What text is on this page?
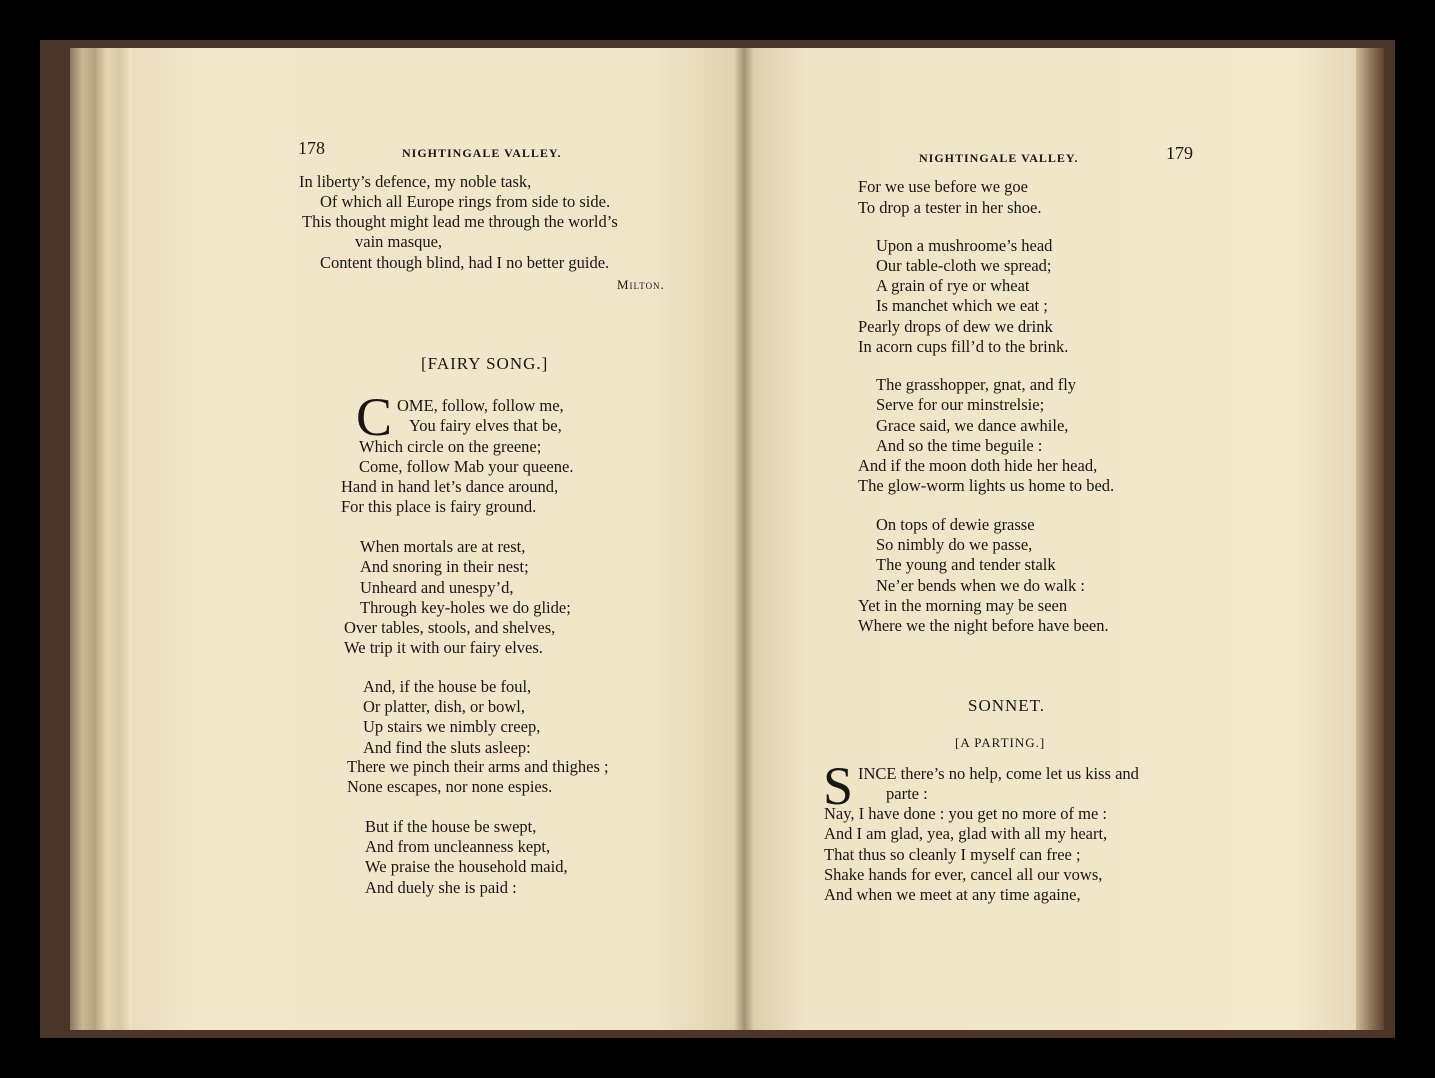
178	NIGHTINGALE VALLEY.
In liberty’s defence, my noble task,
Of which all Europe rings from side to side.
This thought might lead me through the world’s
vain masque,
Content though blind, had I no better guide.
Milton.
[FAIRY SONG.]
C OME, follow, follow me,
You fairy elves that be,
Which circle on the greene;
Come, follow Mab your queene.
Hand in hand let’s dance around,
For this place is fairy ground.
When mortals are at rest,
And snoring in their nest;
Unheard and unespy’d,
Through key-holes we do glide;
Over tables, stools, and shelves,
We trip it with our fairy elves.
And, if the house be foul,
Or platter, dish, or bowl,
Up stairs we nimbly creep,
And find the sluts asleep:
There we pinch their arms and thighes ;
None escapes, nor none espies.
But if the house be swept,
And from uncleanness kept,
We praise the household maid,
And duely she is paid :
NIGHTINGALE VALLEY.	179
For we use before we goe
To drop a tester in her shoe.
Upon a mushroome’s head
Our table-cloth we spread;
A grain of rye or wheat
Is manchet which we eat ;
Pearly drops of dew we drink
In acorn cups fill’d to the brink.
The grasshopper, gnat, and fly
Serve for our minstrelsie;
Grace said, we dance awhile,
And so the time beguile :
And if the moon doth hide her head,
The glow-worm lights us home to bed.
On tops of dewie grasse
So nimbly do we passe,
The young and tender stalk
Ne’er bends when we do walk :
Yet in the morning may be seen
Where we the night before have been.
SONNET.
[A PARTING.]
S INCE there’s no help, come let us kiss and
parte :
Nay, I have done : you get no more of me :
And I am glad, yea, glad with all my heart,
That thus so cleanly I myself can free ;
Shake hands for ever, cancel all our vows,
And when we meet at any time againe,
